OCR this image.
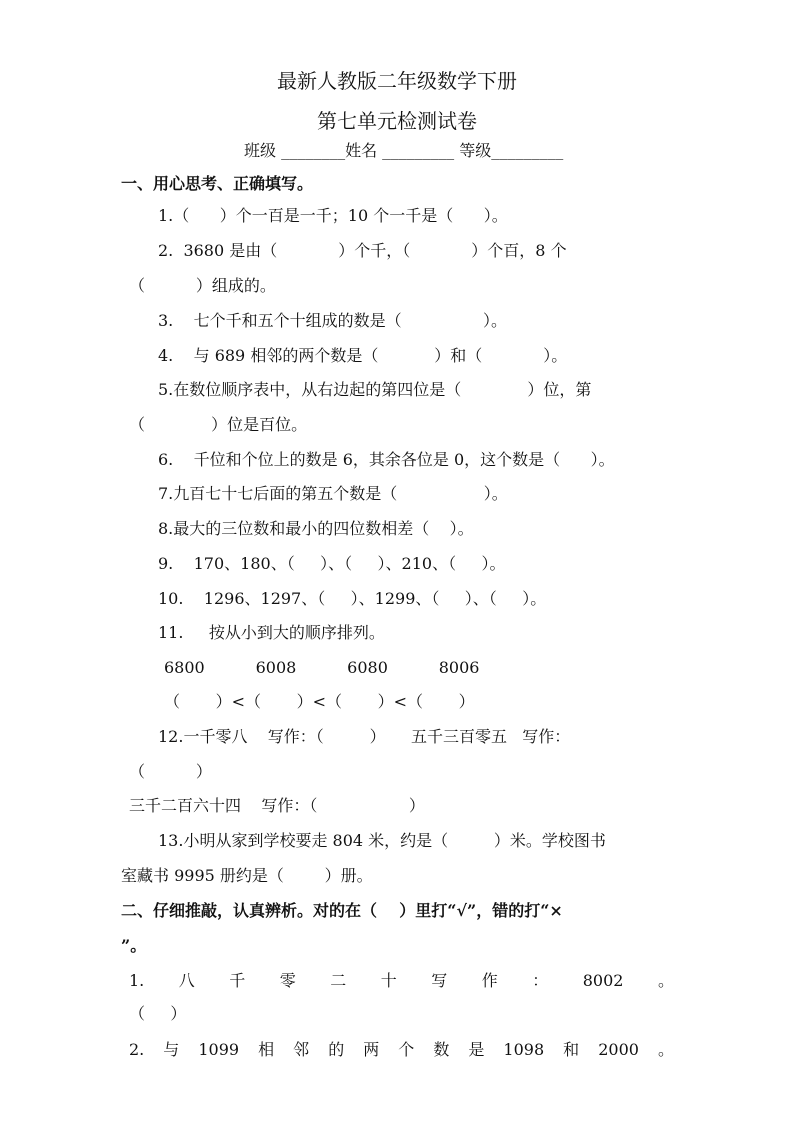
最新人教版二年级数学下册
第七单元检测试卷
班级 ________姓名 _________ 等级_________
一、用心思考、正确填写。
1.（      ）个一百是一千；10 个一千是（      ）。
2.  3680 是由（            ）个千，（            ）个百，8 个
（          ）组成的。
3.    七个千和五个十组成的数是（                ）。
4.    与 689 相邻的两个数是（           ）和（            ）。
5.在数位顺序表中，从右边起的第四位是（             ）位，第
（             ）位是百位。
6.    千位和个位上的数是 6，其余各位是 0，这个数是（      ）。
7.九百七十七后面的第五个数是（                 ）。
8.最大的三位数和最小的四位数相差（    ）。
9.    170、180、（     ）、（     ）、210、（     ）。
10.    1296、1297、（     ）、1299、（     ）、（     ）。
11.     按从小到大的顺序排列。
6800          6008          6080          8006
（       ）<（       ）<（       ）<（       ）
12.一千零八    写作：（         ）     五千三百零五   写作：
（          ）
三千二百六十四    写作：（                  ）
13.小明从家到学校要走 804 米，约是（         ）米。学校图书
室藏书 9995 册约是（        ）册。
二、仔细推敲，认真辨析。对的在（    ）里打“√”，错的打“×
”。
1. 八 千 零 二 十 写 作 ： 8002 。
（     ）
2. 与 1099 相 邻 的 两 个 数 是 1098 和 2000 。
